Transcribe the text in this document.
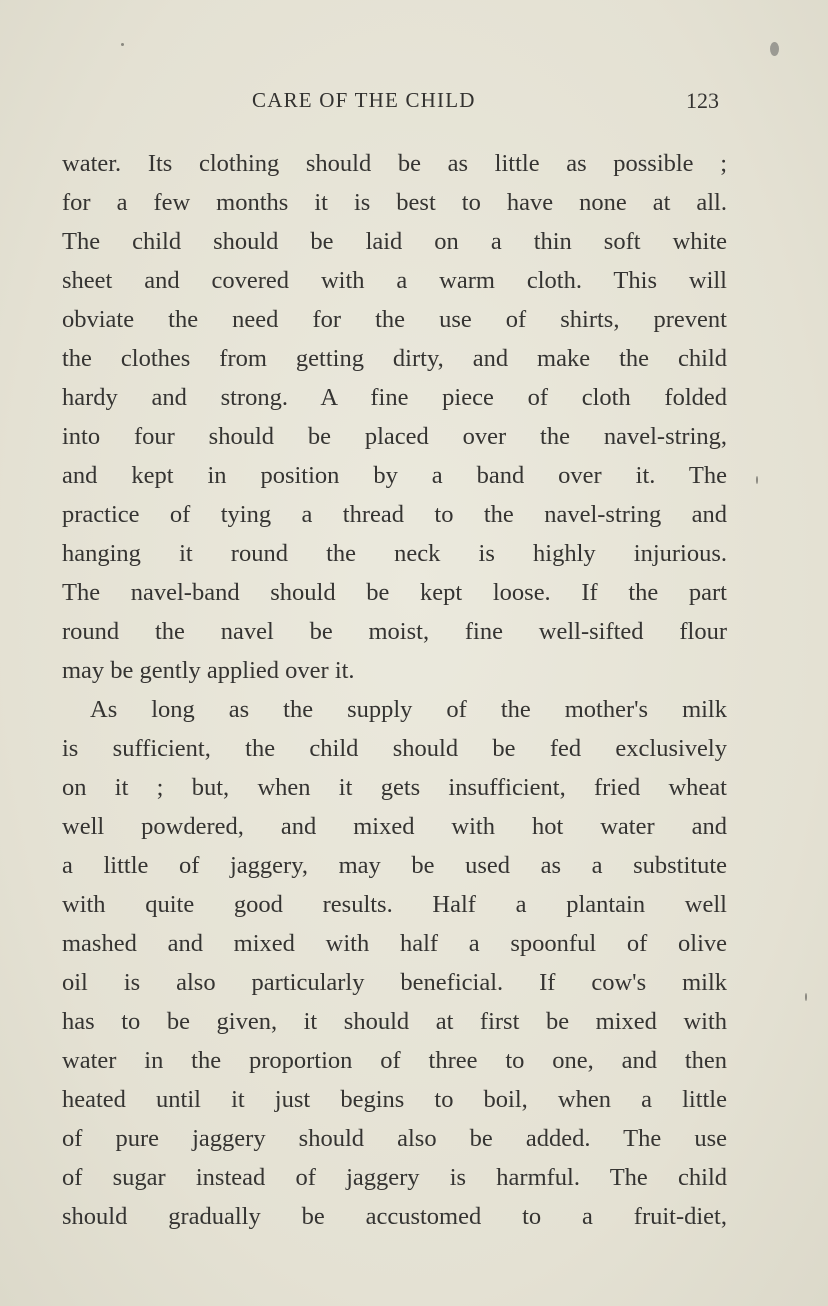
CARE OF THE CHILD	123
water. Its clothing should be as little as possible ;
for a few months it is best to have none at all.
The child should be laid on a thin soft white
sheet and covered with a warm cloth. This will
obviate the need for the use of shirts, prevent
the clothes from getting dirty, and make the child
hardy and strong. A fine piece of cloth folded
into four should be placed over the navel-string,
and kept in position by a band over it. The
practice of tying a thread to the navel-string and
hanging it round the neck is highly injurious.
The navel-band should be kept loose. If the part
round the navel be moist, fine well-sifted flour
may be gently applied over it.
As long as the supply of the mother's milk
is sufficient, the child should be fed exclusively
on it ; but, when it gets insufficient, fried wheat
well powdered, and mixed with hot water and
a little of jaggery, may be used as a substitute
with quite good results. Half a plantain well
mashed and mixed with half a spoonful of olive
oil is also particularly beneficial. If cow's milk
has to be given, it should at first be mixed with
water in the proportion of three to one, and then
heated until it just begins to boil, when a little
of pure jaggery should also be added. The use
of sugar instead of jaggery is harmful. The child
should gradually be accustomed to a fruit-diet,
